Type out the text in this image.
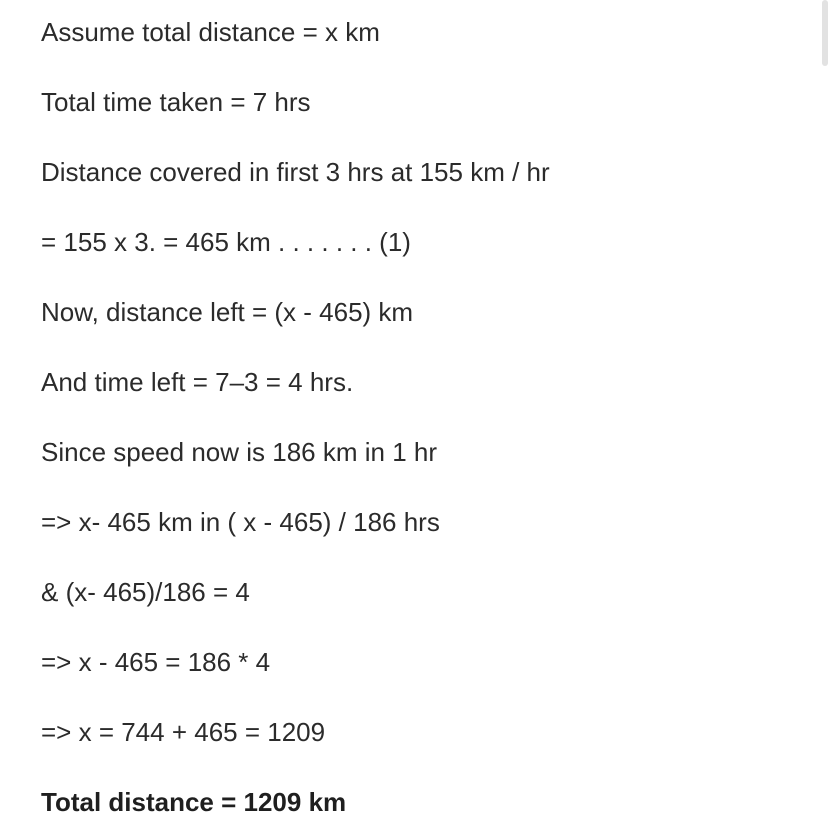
Assume total distance = x km
Total time taken = 7 hrs
Distance covered in first 3 hrs at 155 km / hr
= 155 x 3. = 465 km . . . . . . . (1)
Now, distance left = (x - 465) km
And time left = 7–3 = 4 hrs.
Since speed now is 186 km in 1 hr
=> x- 465 km in ( x - 465) / 186 hrs
& (x- 465)/186 = 4
=> x - 465 = 186 * 4
=> x = 744 + 465 = 1209
Total distance = 1209 km
